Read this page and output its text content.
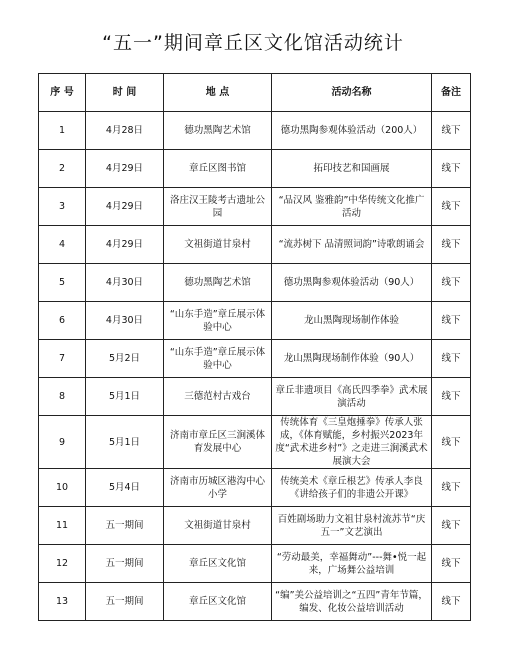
“五一”期间章丘区文化馆活动统计
序 号	时 间	地 点	活动名称	备注
1	4月28日	德功黑陶艺术馆	德功黑陶参观体验活动（200人）	线下
2	4月29日	章丘区图书馆	拓印技艺和国画展	线下
3	4月29日	洛庄汉王陵考古遗址公园	“品汉风 鉴雅韵”中华传统文化推广活动	线下
4	4月29日	文祖街道甘泉村	“流苏树下 品清照词韵”诗歌朗诵会	线下
5	4月30日	德功黑陶艺术馆	德功黑陶参观体验活动（90人）	线下
6	4月30日	“山东手造”章丘展示体验中心	龙山黑陶现场制作体验	线下
7	5月2日	“山东手造”章丘展示体验中心	龙山黑陶现场制作体验（90人）	线下
8	5月1日	三德范村古戏台	章丘非遗项目《高氏四季拳》武术展演活动	线下
9	5月1日	济南市章丘区三涧溪体育发展中心	传统体育《三皇炮捶拳》传承人张成，《体育赋能，乡村振兴2023年度“武术进乡村”》之走进三涧溪武术展演大会	线下
10	5月4日	济南市历城区港沟中心小学	传统美术《章丘根艺》传承人李良《讲给孩子们的非遗公开课》	线下
11	五一期间	文祖街道甘泉村	百姓剧场助力文祖甘泉村流苏节“庆五一”文艺演出	线下
12	五一期间	章丘区文化馆	“劳动最美，幸福舞动”---舞•悦一起来，广场舞公益培训	线下
13	五一期间	章丘区文化馆	“编”美公益培训之“五四”青年节篇，编发、化妆公益培训活动	线下
